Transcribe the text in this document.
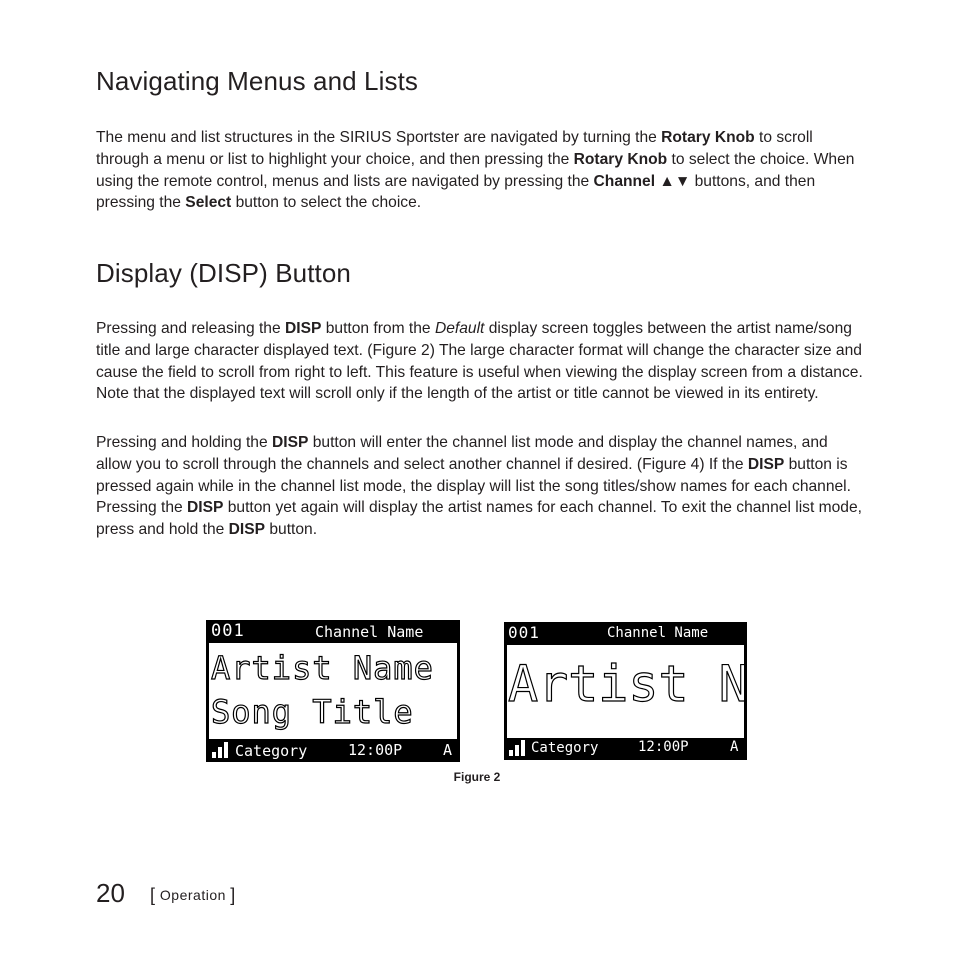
Navigating Menus and Lists

The menu and list structures in the SIRIUS Sportster are navigated by turning the Rotary Knob to scroll through a menu or list to highlight your choice, and then pressing the Rotary Knob to select the choice. When using the remote control, menus and lists are navigated by pressing the Channel ▲▼ buttons, and then pressing the Select button to select the choice.

Display (DISP) Button

Pressing and releasing the DISP button from the Default display screen toggles between the artist name/song title and large character displayed text. (Figure 2) The large character format will change the character size and cause the field to scroll from right to left. This feature is useful when viewing the display screen from a distance. Note that the displayed text will scroll only if the length of the artist or title cannot be viewed in its entirety.

Pressing and holding the DISP button will enter the channel list mode and display the channel names, and allow you to scroll through the channels and select another channel if desired. (Figure 4) If the DISP button is pressed again while in the channel list mode, the display will list the song titles/show names for each channel. Pressing the DISP button yet again will display the artist names for each channel. To exit the channel list mode, press and hold the DISP button.

001	Channel Name
Artist Name
Song Title
Category	12:00P	A
001	Channel Name
Artist N
Category	12:00P	A
Figure 2
20 [ Operation ]
